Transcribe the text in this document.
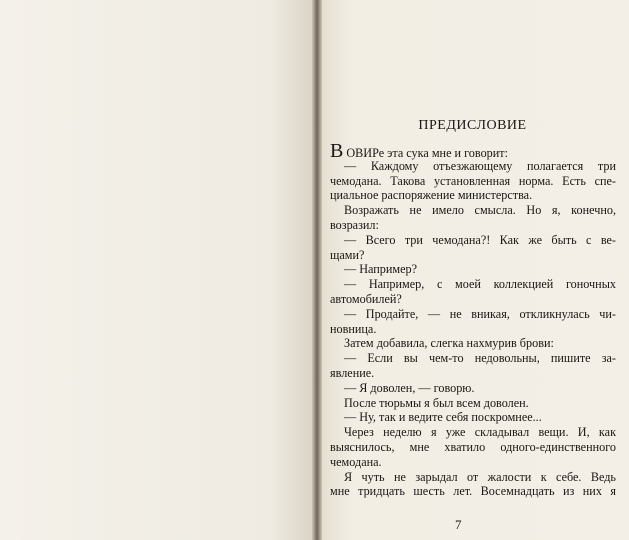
ПРЕДИСЛОВИЕ
В ОВИРе эта сука мне и говорит:
— Каждому отъезжающему полагается три
чемодана. Такова установленная норма. Есть спе-
циальное распоряжение министерства.
Возражать не имело смысла. Но я, конечно,
возразил:
— Всего три чемодана?! Как же быть с ве-
щами?
— Например?
— Например, с моей коллекцией гоночных
автомобилей?
— Продайте, — не вникая, откликнулась чи-
новница.
Затем добавила, слегка нахмурив брови:
— Если вы чем-то недовольны, пишите за-
явление.
— Я доволен, — говорю.
После тюрьмы я был всем доволен.
— Ну, так и ведите себя поскромнее...
Через неделю я уже складывал вещи. И, как
выяснилось, мне хватило одного-единственного
чемодана.
Я чуть не зарыдал от жалости к себе. Ведь
мне тридцать шесть лет. Восемнадцать из них я
7
